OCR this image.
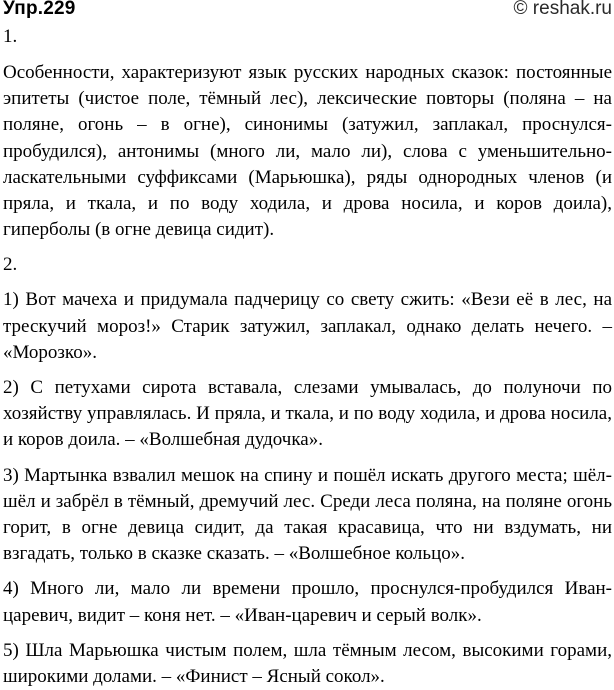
Упр.229	© reshak.ru

1.

Особенности, характеризуют язык русских народных сказок: постоянные эпитеты (чистое поле, тёмный лес), лексические повторы (поляна – на поляне, огонь – в огне), синонимы (затужил, заплакал, проснулся-пробудился), антонимы (много ли, мало ли), слова с уменьшительно-ласкательными суффиксами (Марьюшка), ряды однородных членов (и пряла, и ткала, и по воду ходила, и дрова носила, и коров доила), гиперболы (в огне девица сидит).

2.

1) Вот мачеха и придумала падчерицу со свету сжить: «Вези её в лес, на трескучий мороз!» Старик затужил, заплакал, однако делать нечего. – «Морозко».

2) С петухами сирота вставала, слезами умывалась, до полуночи по хозяйству управлялась. И пряла, и ткала, и по воду ходила, и дрова носила, и коров доила. – «Волшебная дудочка».

3) Мартынка взвалил мешок на спину и пошёл искать другого места; шёл-шёл и забрёл в тёмный, дремучий лес. Среди леса поляна, на поляне огонь горит, в огне девица сидит, да такая красавица, что ни вздумать, ни взгадать, только в сказке сказать. – «Волшебное кольцо».

4) Много ли, мало ли времени прошло, проснулся-пробудился Иван-царевич, видит – коня нет. – «Иван-царевич и серый волк».

5) Шла Марьюшка чистым полем, шла тёмным лесом, высокими горами, широкими долами. – «Финист – Ясный сокол».
